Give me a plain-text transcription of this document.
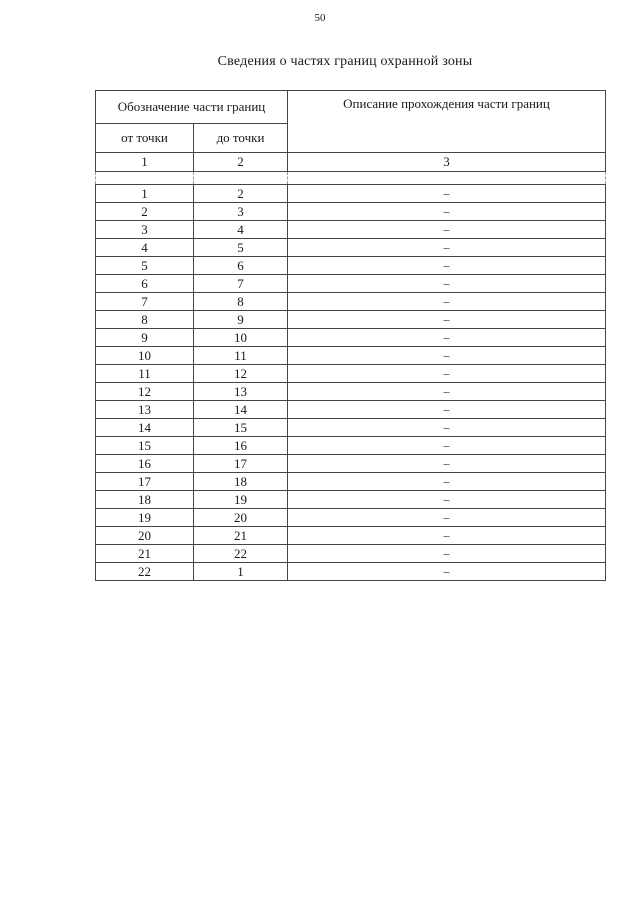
50
Сведения о частях границ охранной зоны
Обозначение части границ		Описание прохождения части границ
от точки	до точки	
1	2	3

1	2	–
2	3	–
3	4	–
4	5	–
5	6	–
6	7	–
7	8	–
8	9	–
9	10	–
10	11	–
11	12	–
12	13	–
13	14	–
14	15	–
15	16	–
16	17	–
17	18	–
18	19	–
19	20	–
20	21	–
21	22	–
22	1	–
